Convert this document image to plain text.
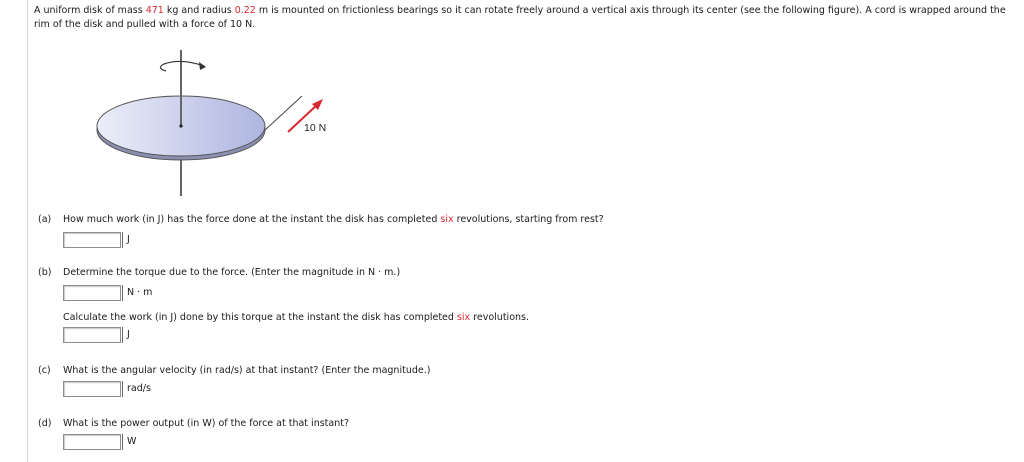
A uniform disk of mass 471 kg and radius 0.22 m is mounted on frictionless bearings so it can rotate freely around a vertical axis through its center (see the following figure). A cord is wrapped around the rim of the disk and pulled with a force of 10 N.
10 N
(a)	How much work (in J) has the force done at the instant the disk has completed six revolutions, starting from rest?
J
(b)	Determine the torque due to the force. (Enter the magnitude in N · m.)
N · m
Calculate the work (in J) done by this torque at the instant the disk has completed six revolutions.
J
(c)	What is the angular velocity (in rad/s) at that instant? (Enter the magnitude.)
rad/s
(d)	What is the power output (in W) of the force at that instant?
W
